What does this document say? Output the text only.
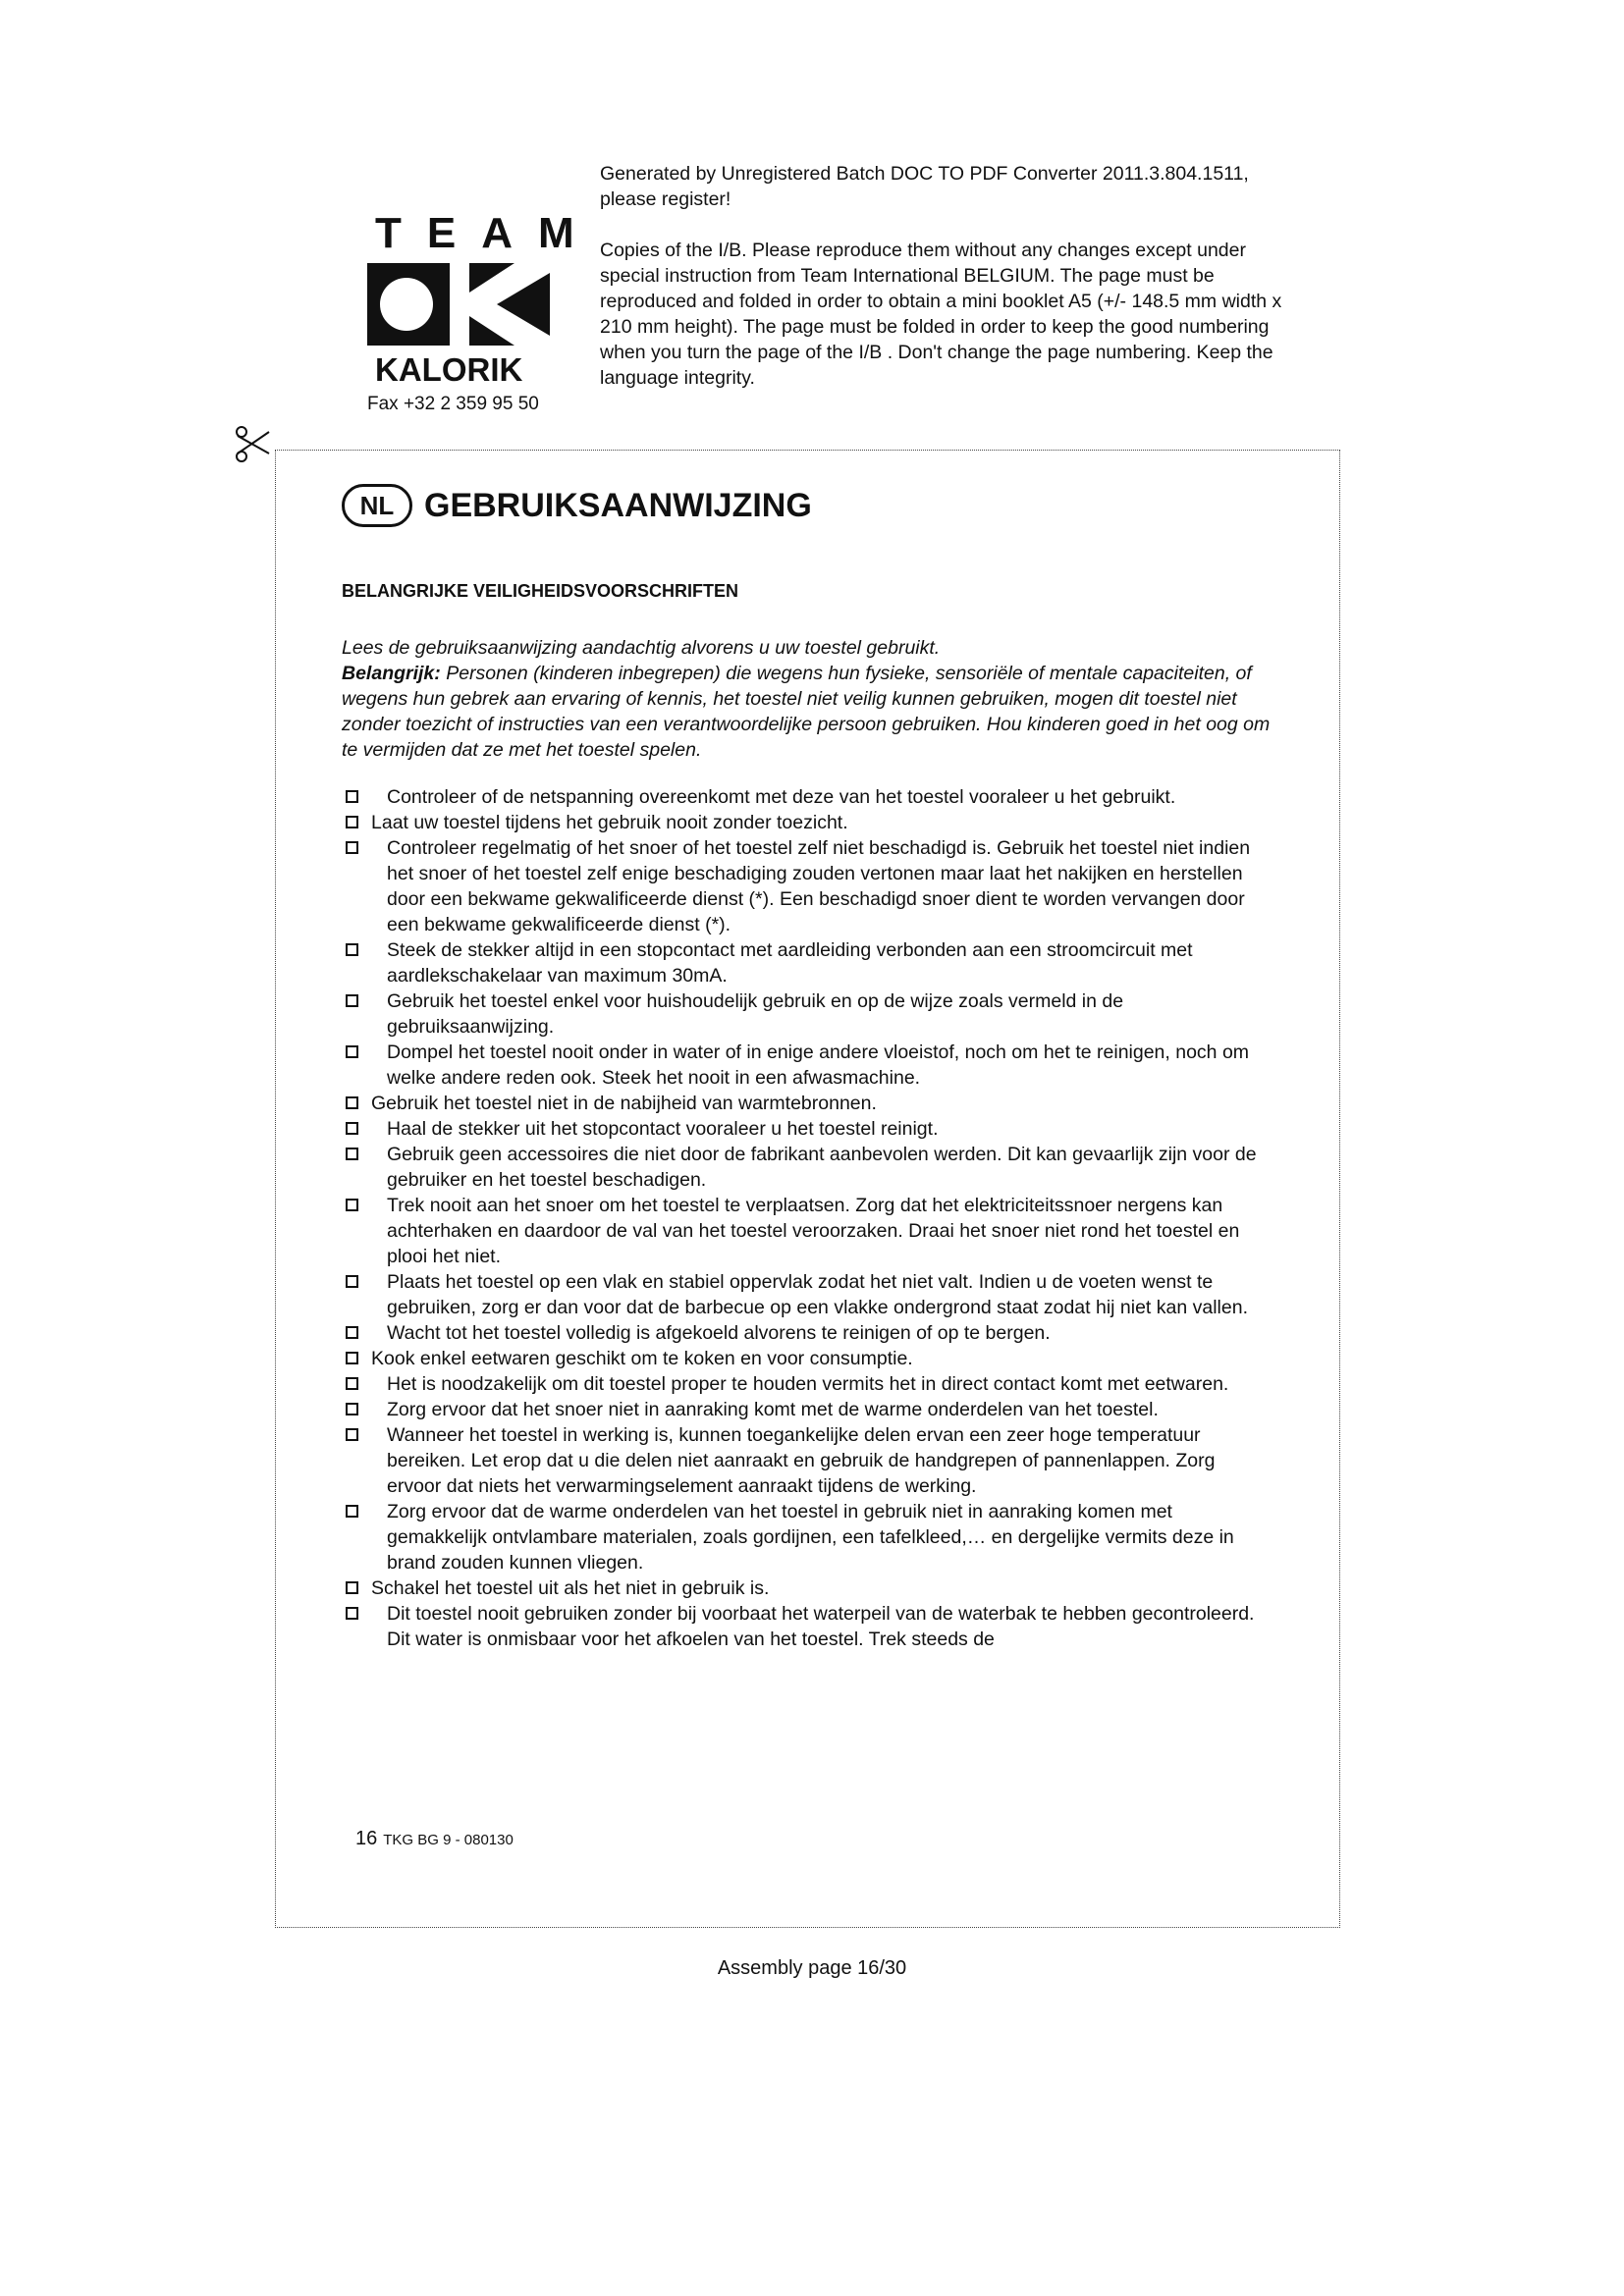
TEAM
KALORIK
Fax +32 2 359 95 50

Generated by Unregistered Batch DOC TO PDF Converter 2011.3.804.1511, please register!

Copies of the I/B. Please reproduce them without any changes except under special instruction from Team International BELGIUM. The page must be reproduced and folded in order to obtain a mini booklet A5 (+/- 148.5 mm width x 210 mm height). The page must be folded in order to keep the good numbering when you turn the page of the I/B . Don't change the page numbering. Keep the language integrity.

NL GEBRUIKSAANWIJZING
BELANGRIJKE VEILIGHEIDSVOORSCHRIFTEN

Lees de gebruiksaanwijzing aandachtig alvorens u uw toestel gebruikt.

Belangrijk: Personen (kinderen inbegrepen) die wegens hun fysieke, sensoriële of mentale capaciteiten, of wegens hun gebrek aan ervaring of kennis, het toestel niet veilig kunnen gebruiken, mogen dit toestel niet zonder toezicht of instructies van een verantwoordelijke persoon gebruiken. Hou kinderen goed in het oog om te vermijden dat ze met het toestel spelen.

Controleer of de netspanning overeenkomt met deze van het toestel vooraleer u het gebruikt.
Laat uw toestel tijdens het gebruik nooit zonder toezicht.
Controleer regelmatig of het snoer of het toestel zelf niet beschadigd is. Gebruik het toestel niet indien het snoer of het toestel zelf enige beschadiging zouden vertonen maar laat het nakijken en herstellen door een bekwame gekwalificeerde dienst (*). Een beschadigd snoer dient te worden vervangen door een bekwame gekwalificeerde dienst (*).
Steek de stekker altijd in een stopcontact met aardleiding verbonden aan een stroomcircuit met aardlekschakelaar van maximum 30mA.
Gebruik het toestel enkel voor huishoudelijk gebruik en op de wijze zoals vermeld in de gebruiksaanwijzing.
Dompel het toestel nooit onder in water of in enige andere vloeistof, noch om het te reinigen, noch om welke andere reden ook. Steek het nooit in een afwasmachine.
Gebruik het toestel niet in de nabijheid van warmtebronnen.
Haal de stekker uit het stopcontact vooraleer u het toestel reinigt.
Gebruik geen accessoires die niet door de fabrikant aanbevolen werden. Dit kan gevaarlijk zijn voor de gebruiker en het toestel beschadigen.
Trek nooit aan het snoer om het toestel te verplaatsen. Zorg dat het elektriciteitssnoer nergens kan achterhaken en daardoor de val van het toestel veroorzaken. Draai het snoer niet rond het toestel en plooi het niet.
Plaats het toestel op een vlak en stabiel oppervlak zodat het niet valt. Indien u de voeten wenst te gebruiken, zorg er dan voor dat de barbecue op een vlakke ondergrond staat zodat hij niet kan vallen.
Wacht tot het toestel volledig is afgekoeld alvorens te reinigen of op te bergen.
Kook enkel eetwaren geschikt om te koken en voor consumptie.
Het is noodzakelijk om dit toestel proper te houden vermits het in direct contact komt met eetwaren.
Zorg ervoor dat het snoer niet in aanraking komt met de warme onderdelen van het toestel.
Wanneer het toestel in werking is, kunnen toegankelijke delen ervan een zeer hoge temperatuur bereiken. Let erop dat u die delen niet aanraakt en gebruik de handgrepen of pannenlappen. Zorg ervoor dat niets het verwarmingselement aanraakt tijdens de werking.
Zorg ervoor dat de warme onderdelen van het toestel in gebruik niet in aanraking komen met gemakkelijk ontvlambare materialen, zoals gordijnen, een tafelkleed,… en dergelijke vermits deze in brand zouden kunnen vliegen.
Schakel het toestel uit als het niet in gebruik is.
Dit toestel nooit gebruiken zonder bij voorbaat het waterpeil van de waterbak te hebben gecontroleerd. Dit water is onmisbaar voor het afkoelen van het toestel. Trek steeds de
16 TKG BG 9 - 080130
Assembly page 16/30
